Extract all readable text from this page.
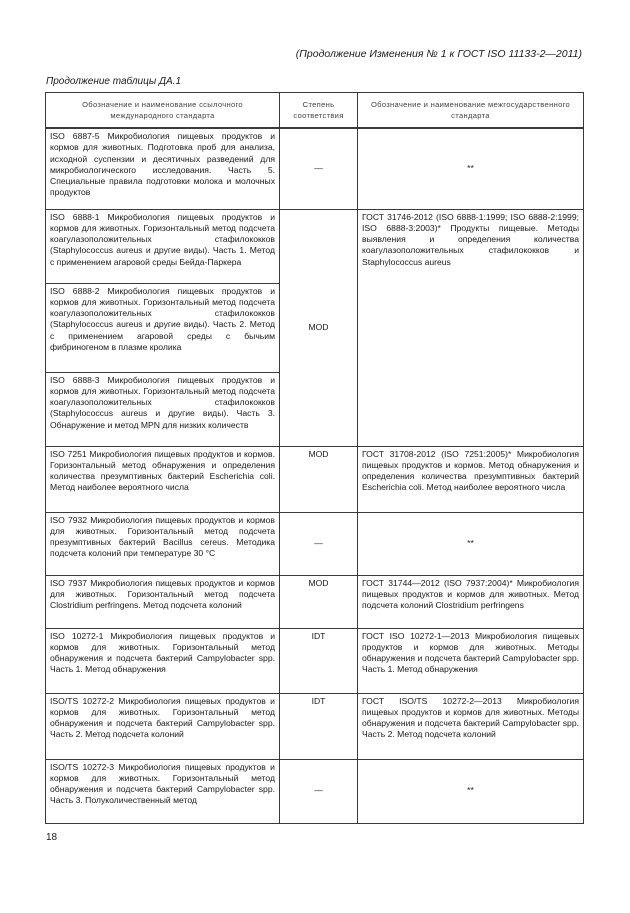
(Продолжение Изменения № 1 к ГОСТ ISO 11133-2—2011)
Продолжение таблицы ДА.1
Обозначение и наименование ссылочного международного стандарта	Степень соответствия	Обозначение и наименование межгосударственного стандарта
ISO 6887-5 Микробиология пищевых продуктов и кормов для животных. Подготовка проб для анализа, исходной суспензии и десятичных разведений для микробиологического исследования. Часть 5. Специальные правила подготовки молока и молочных продуктов	—	**
ISO 6888-1 Микробиология пищевых продуктов и кормов для животных. Горизонтальный метод подсчета коагулазоположительных стафилококков (Staphylococcus aureus и другие виды). Часть 1. Метод с применением агаровой среды Бейда-Паркера	MOD	ГОСТ 31746-2012 (ISO 6888-1:1999; ISO 6888-2:1999; ISO 6888-3:2003)* Продукты пищевые. Методы выявления и определения количества коагулазоположительных стафилококков и Staphylococcus aureus
ISO 6888-2 Микробиология пищевых продуктов и кормов для животных. Горизонтальный метод подсчета коагулазоположительных стафилококков (Staphylococcus aureus и другие виды). Часть 2. Метод с применением агаровой среды с бычьим фибриногеном в плазме кролика		
ISO 6888-3 Микробиология пищевых продуктов и кормов для животных. Горизонтальный метод подсчета коагулазоположительных стафилококков (Staphylococcus aureus и другие виды). Часть 3. Обнаружение и метод MPN для низких количеств		
ISO 7251 Микробиология пищевых продуктов и кормов. Горизонтальный метод обнаружения и определения количества презумптивных бактерий Escherichia coli. Метод наиболее вероятного числа	MOD	ГОСТ 31708-2012 (ISO 7251:2005)* Микробиология пищевых продуктов и кормов. Метод обнаружения и определения количества презумптивных бактерий Escherichia coli. Метод наиболее вероятного числа
ISO 7932 Микробиология пищевых продуктов и кормов для животных. Горизонтальный метод подсчета презумптивных бактерий Bacillus cereus. Методика подсчета колоний при температуре 30 °С	—	**
ISO 7937 Микробиология пищевых продуктов и кормов для животных. Горизонтальный метод подсчета Clostridium perfringens. Метод подсчета колоний	MOD	ГОСТ 31744—2012 (ISO 7937:2004)* Микробиология пищевых продуктов и кормов для животных. Метод подсчета колоний Clostridium perfringens
ISO 10272-1 Микробиология пищевых продуктов и кормов для животных. Горизонтальный метод обнаружения и подсчета бактерий Campylobacter spp. Часть 1. Метод обнаружения	IDT	ГОСТ ISO 10272-1—2013 Микробиология пищевых продуктов и кормов для животных. Методы обнаружения и подсчета бактерий Campylobacter spp. Часть 1. Метод обнаружения
ISO/TS 10272-2 Микробиология пищевых продуктов и кормов для животных. Горизонтальный метод обнаружения и подсчета бактерий Campylobacter spp. Часть 2. Метод подсчета колоний	IDT	ГОСТ ISO/TS 10272-2—2013 Микробиология пищевых продуктов и кормов для животных. Методы обнаружения и подсчета бактерий Campylobacter spp. Часть 2. Метод подсчета колоний
ISO/TS 10272-3 Микробиология пищевых продуктов и кормов для животных. Горизонтальный метод обнаружения и подсчета бактерий Campylobacter spp. Часть 3. Полуколичественный метод	—	**
18
